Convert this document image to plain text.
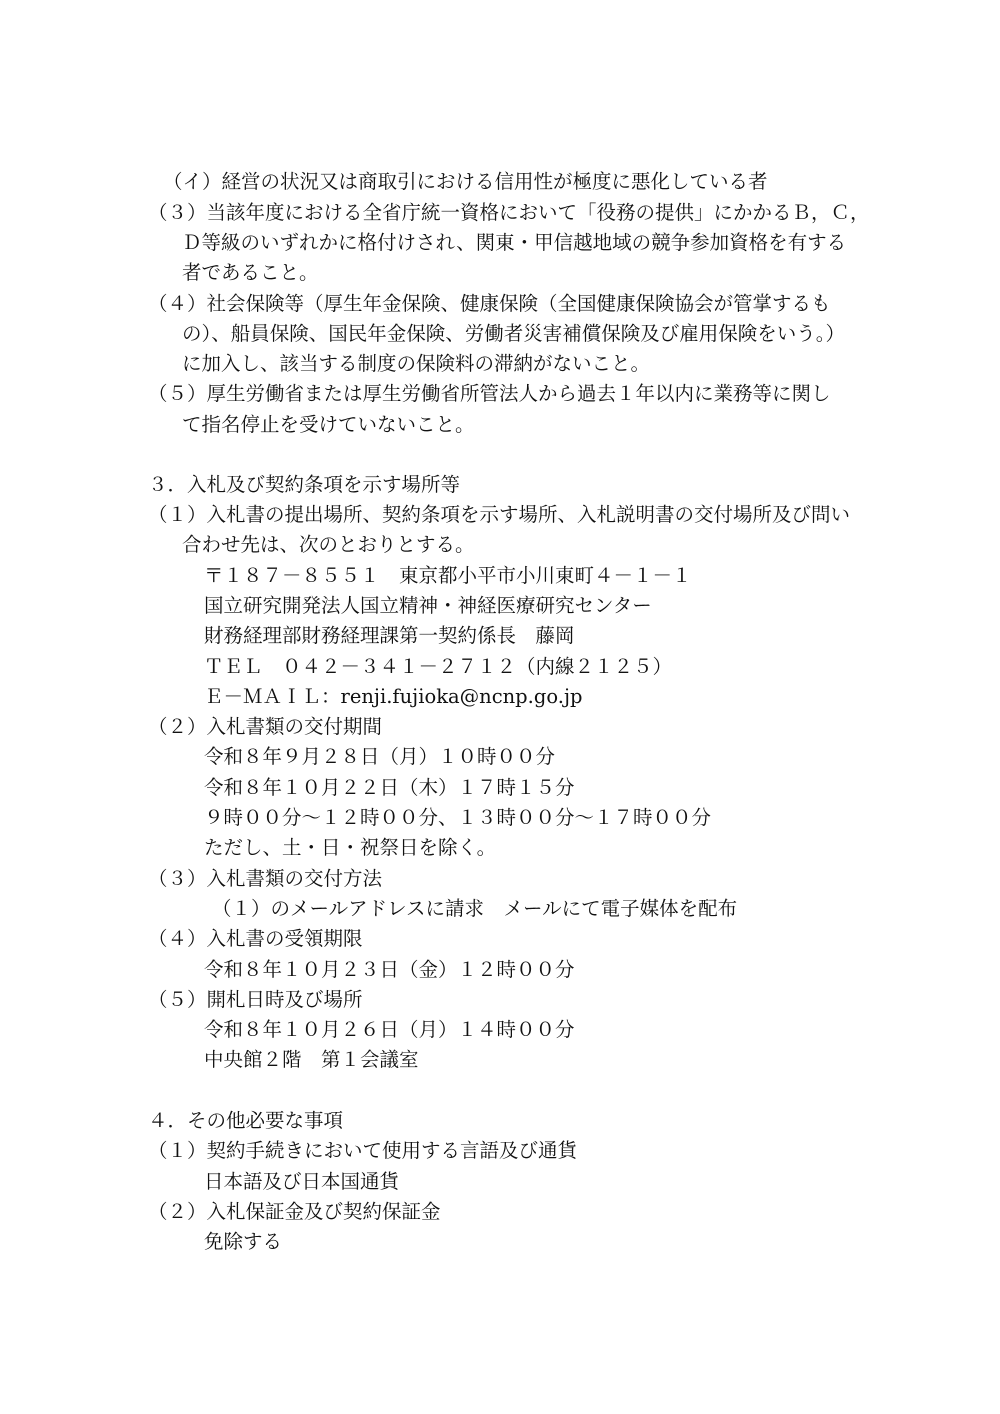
（イ）経営の状況又は商取引における信用性が極度に悪化している者

（３）当該年度における全省庁統一資格において「役務の提供」にかかるＢ，Ｃ，

Ｄ等級のいずれかに格付けされ、関東・甲信越地域の競争参加資格を有する

者であること。

（４）社会保険等（厚生年金保険、健康保険（全国健康保険協会が管掌するも

の）、船員保険、国民年金保険、労働者災害補償保険及び雇用保険をいう。）

に加入し、該当する制度の保険料の滞納がないこと。

（５）厚生労働省または厚生労働省所管法人から過去１年以内に業務等に関し

て指名停止を受けていないこと。

３．入札及び契約条項を示す場所等

（１）入札書の提出場所、契約条項を示す場所、入札説明書の交付場所及び問い

合わせ先は、次のとおりとする。

〒１８７－８５５１　東京都小平市小川東町４－１－１

国立研究開発法人国立精神・神経医療研究センター

財務経理部財務経理課第一契約係長　藤岡

ＴＥＬ　０４２－３４１－２７１２（内線２１２５）

Ｅ－ＭＡＩＬ：renji.fujioka@ncnp.go.jp

（２）入札書類の交付期間

令和８年９月２８日（月）１０時００分

令和８年１０月２２日（木）１７時１５分

９時００分～１２時００分、１３時００分～１７時００分

ただし、土・日・祝祭日を除く。

（３）入札書類の交付方法

（１）のメールアドレスに請求　メールにて電子媒体を配布

（４）入札書の受領期限

令和８年１０月２３日（金）１２時００分

（５）開札日時及び場所

令和８年１０月２６日（月）１４時００分

中央館２階　第１会議室

４．その他必要な事項

（１）契約手続きにおいて使用する言語及び通貨

日本語及び日本国通貨

（２）入札保証金及び契約保証金

免除する
